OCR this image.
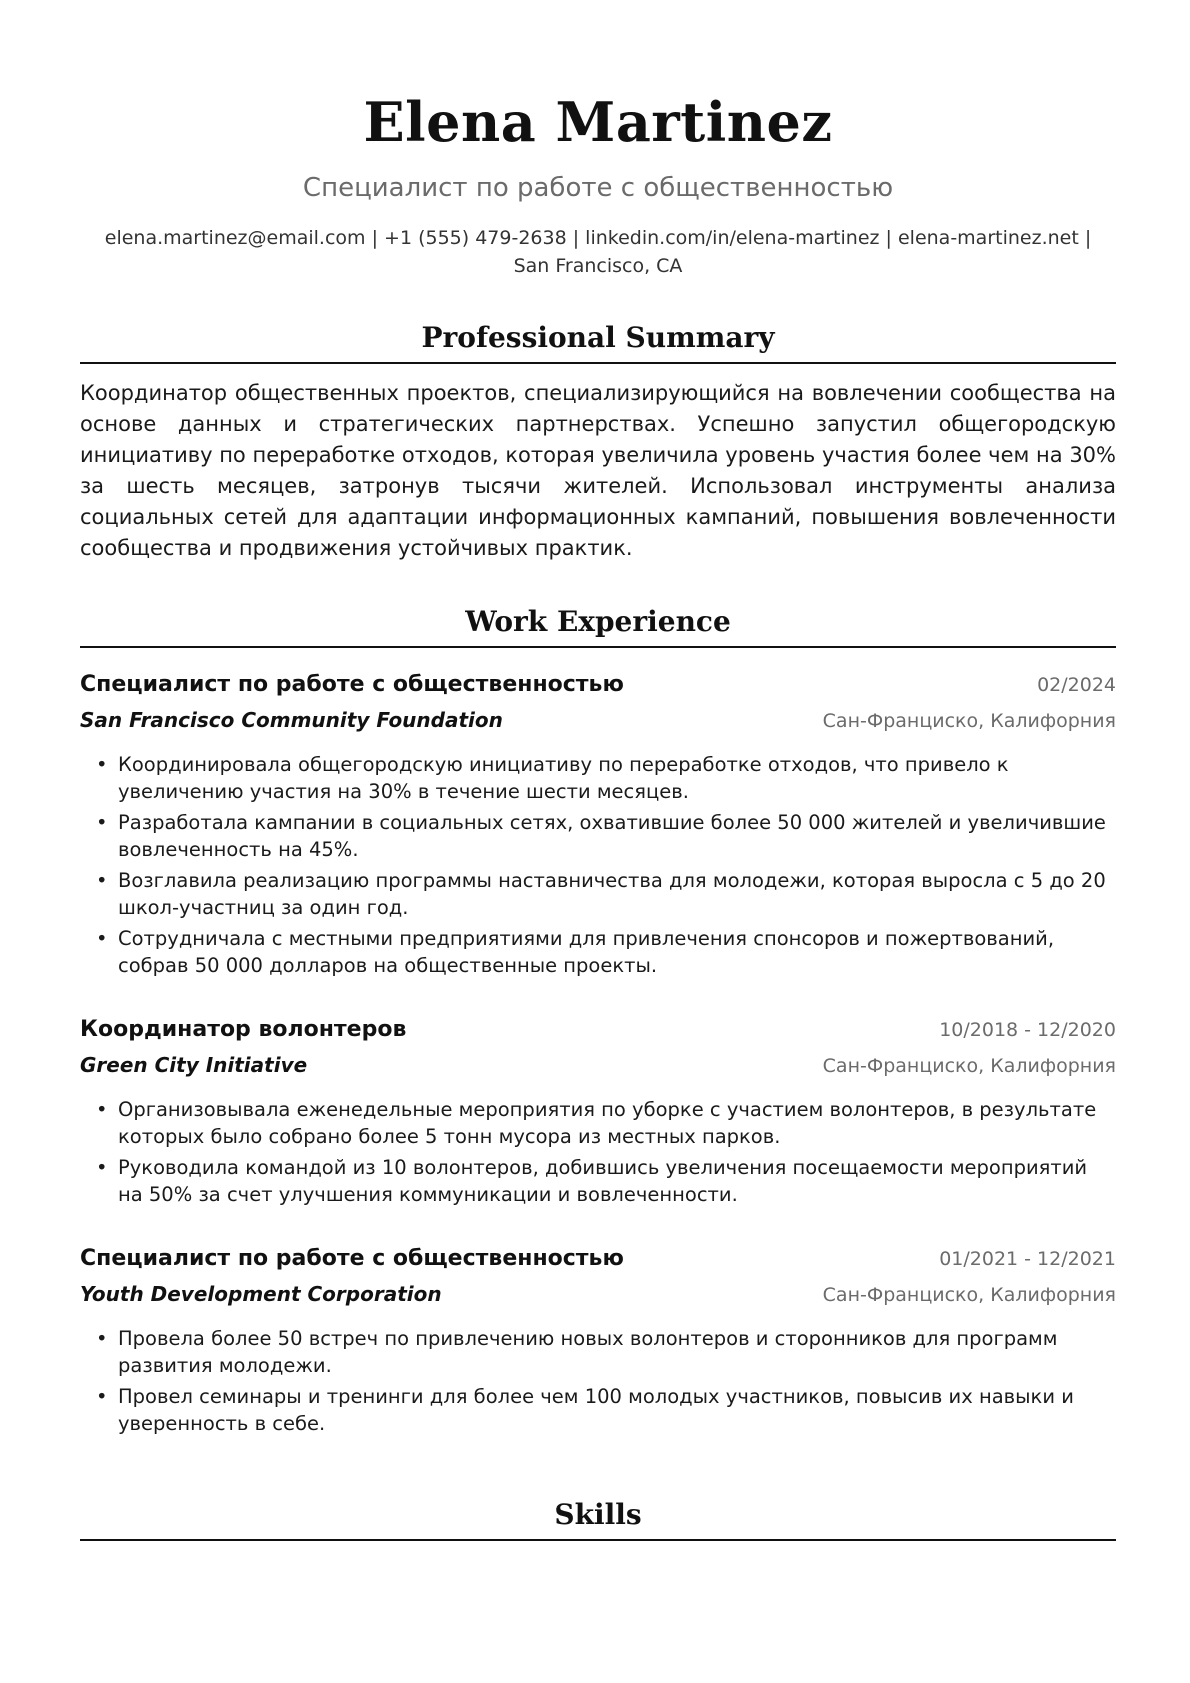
Elena Martinez
Специалист по работе с общественностью
elena.martinez@email.com | +1 (555) 479-2638 | linkedin.com/in/elena-martinez | elena-martinez.net | San Francisco, CA
Professional Summary
Координатор общественных проектов, специализирующийся на вовлечении сообщества на основе данных и стратегических партнерствах. Успешно запустил общегородскую инициативу по переработке отходов, которая увеличила уровень участия более чем на 30% за шесть месяцев, затронув тысячи жителей. Использовал инструменты анализа социальных сетей для адаптации информационных кампаний, повышения вовлеченности сообщества и продвижения устойчивых практик.
Work Experience
Специалист по работе с общественностью	02/2024
San Francisco Community Foundation	Сан-Франциско, Калифорния
• Координировала общегородскую инициативу по переработке отходов, что привело к увеличению участия на 30% в течение шести месяцев.
• Разработала кампании в социальных сетях, охватившие более 50 000 жителей и увеличившие вовлеченность на 45%.
• Возглавила реализацию программы наставничества для молодежи, которая выросла с 5 до 20 школ-участниц за один год.
• Сотрудничала с местными предприятиями для привлечения спонсоров и пожертвований, собрав 50 000 долларов на общественные проекты.
Координатор волонтеров	10/2018 - 12/2020
Green City Initiative	Сан-Франциско, Калифорния
• Организовывала еженедельные мероприятия по уборке с участием волонтеров, в результате которых было собрано более 5 тонн мусора из местных парков.
• Руководила командой из 10 волонтеров, добившись увеличения посещаемости мероприятий на 50% за счет улучшения коммуникации и вовлеченности.
Специалист по работе с общественностью	01/2021 - 12/2021
Youth Development Corporation	Сан-Франциско, Калифорния
• Провела более 50 встреч по привлечению новых волонтеров и сторонников для программ развития молодежи.
• Провел семинары и тренинги для более чем 100 молодых участников, повысив их навыки и уверенность в себе.
Skills
